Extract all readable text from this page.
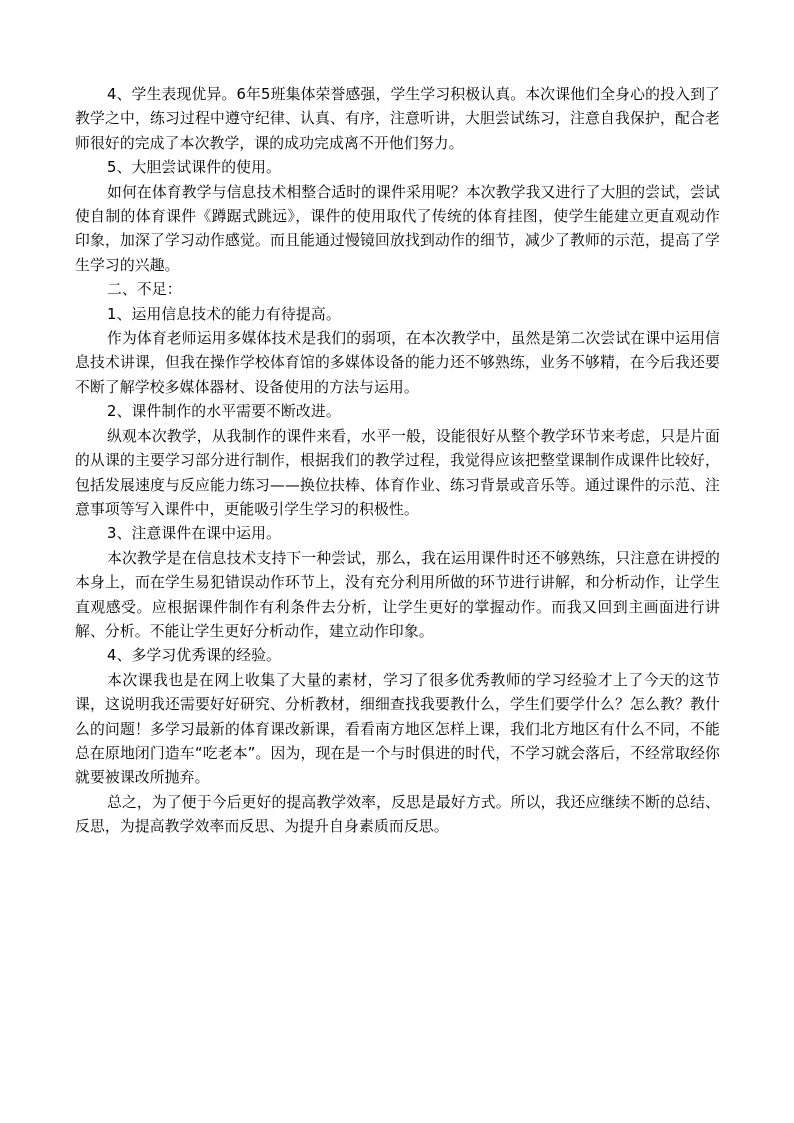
4、学生表现优异。6年5班集体荣誉感强，学生学习积极认真。本次课他们全身心的投入到了教学之中，练习过程中遵守纪律、认真、有序，注意听讲，大胆尝试练习，注意自我保护，配合老师很好的完成了本次教学，课的成功完成离不开他们努力。

5、大胆尝试课件的使用。

如何在体育教学与信息技术相整合适时的课件采用呢？本次教学我又进行了大胆的尝试，尝试使自制的体育课件《蹲踞式跳远》，课件的使用取代了传统的体育挂图，使学生能建立更直观动作印象，加深了学习动作感觉。而且能通过慢镜回放找到动作的细节，减少了教师的示范，提高了学生学习的兴趣。

二、不足：

1、运用信息技术的能力有待提高。

作为体育老师运用多媒体技术是我们的弱项，在本次教学中，虽然是第二次尝试在课中运用信息技术讲课，但我在操作学校体育馆的多媒体设备的能力还不够熟练，业务不够精，在今后我还要不断了解学校多媒体器材、设备使用的方法与运用。

2、课件制作的水平需要不断改进。

纵观本次教学，从我制作的课件来看，水平一般，设能很好从整个教学环节来考虑，只是片面的从课的主要学习部分进行制作，根据我们的教学过程，我觉得应该把整堂课制作成课件比较好，包括发展速度与反应能力练习——换位扶棒、体育作业、练习背景或音乐等。通过课件的示范、注意事项等写入课件中，更能吸引学生学习的积极性。

3、注意课件在课中运用。

本次教学是在信息技术支持下一种尝试，那么，我在运用课件时还不够熟练，只注意在讲授的本身上，而在学生易犯错误动作环节上，没有充分利用所做的环节进行讲解，和分析动作，让学生直观感受。应根据课件制作有利条件去分析，让学生更好的掌握动作。而我又回到主画面进行讲解、分析。不能让学生更好分析动作，建立动作印象。

4、多学习优秀课的经验。

本次课我也是在网上收集了大量的素材，学习了很多优秀教师的学习经验才上了今天的这节课，这说明我还需要好好研究、分析教材，细细查找我要教什么，学生们要学什么？怎么教？教什么的问题！多学习最新的体育课改新课，看看南方地区怎样上课，我们北方地区有什么不同，不能总在原地闭门造车“吃老本”。因为，现在是一个与时俱进的时代，不学习就会落后，不经常取经你就要被课改所抛弃。

总之，为了便于今后更好的提高教学效率，反思是最好方式。所以，我还应继续不断的总结、反思，为提高教学效率而反思、为提升自身素质而反思。
